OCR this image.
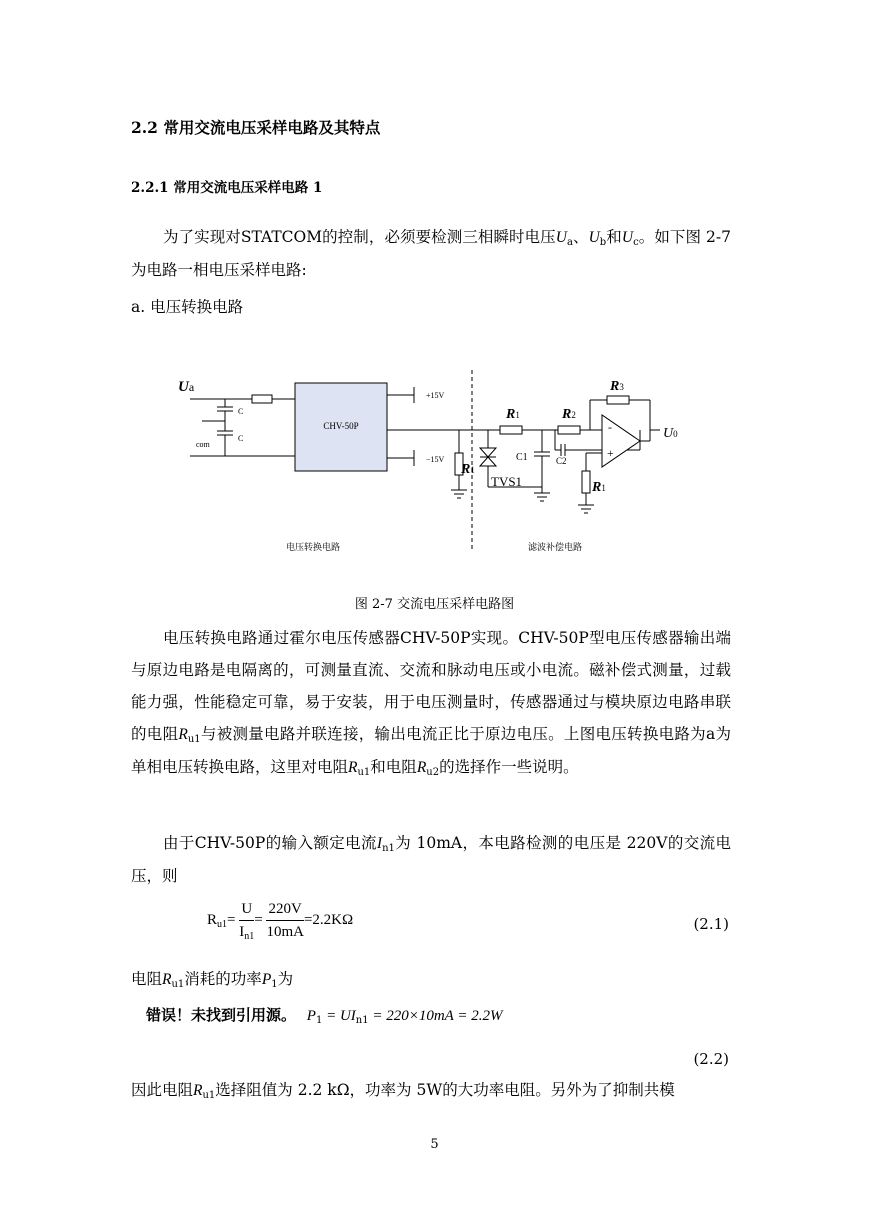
2.2 常用交流电压采样电路及其特点
2.2.1 常用交流电压采样电路 1
为了实现对STATCOM的控制，必须要检测三相瞬时电压$U_a$、$U_b$和$U_c$。如下图 2-7 为电路一相电压采样电路:
a. 电压转换电路
Ua
C
C
com
CHV-50P
+15V
−15V
R1	R2
R3
R1
C1	C2
TVS1	R1
-
+
U0
电压转换电路	滤波补偿电路
图 2-7 交流电压采样电路图
电压转换电路通过霍尔电压传感器CHV-50P实现。CHV-50P型电压传感器输出端与原边电路是电隔离的，可测量直流、交流和脉动电压或小电流。磁补偿式测量，过载能力强，性能稳定可靠，易于安装，用于电压测量时，传感器通过与模块原边电路串联的电阻$R_{u1}$与被测量电路并联连接，输出电流正比于原边电压。上图电压转换电路为a为单相电压转换电路，这里对电阻$R_{u1}$和电阻$R_{u2}$的选择作一些说明。
由于CHV-50P的输入额定电流$I_{n1}$为 10mA，本电路检测的电压是 220V的交流电压，则
$R_{u1}= \frac{U}{I_{n1}} = \frac{220V}{10mA} =2.2K\Omega$	(2.1)
电阻$R_{u1}$消耗的功率$P_1$为
错误！未找到引用源。 $P_1 = UI_{n1} = 220\times 10mA = 2.2W$
(2.2)
因此电阻$R_{u1}$选择阻值为 2.2 kΩ，功率为 5W的大功率电阻。另外为了抑制共模
5
